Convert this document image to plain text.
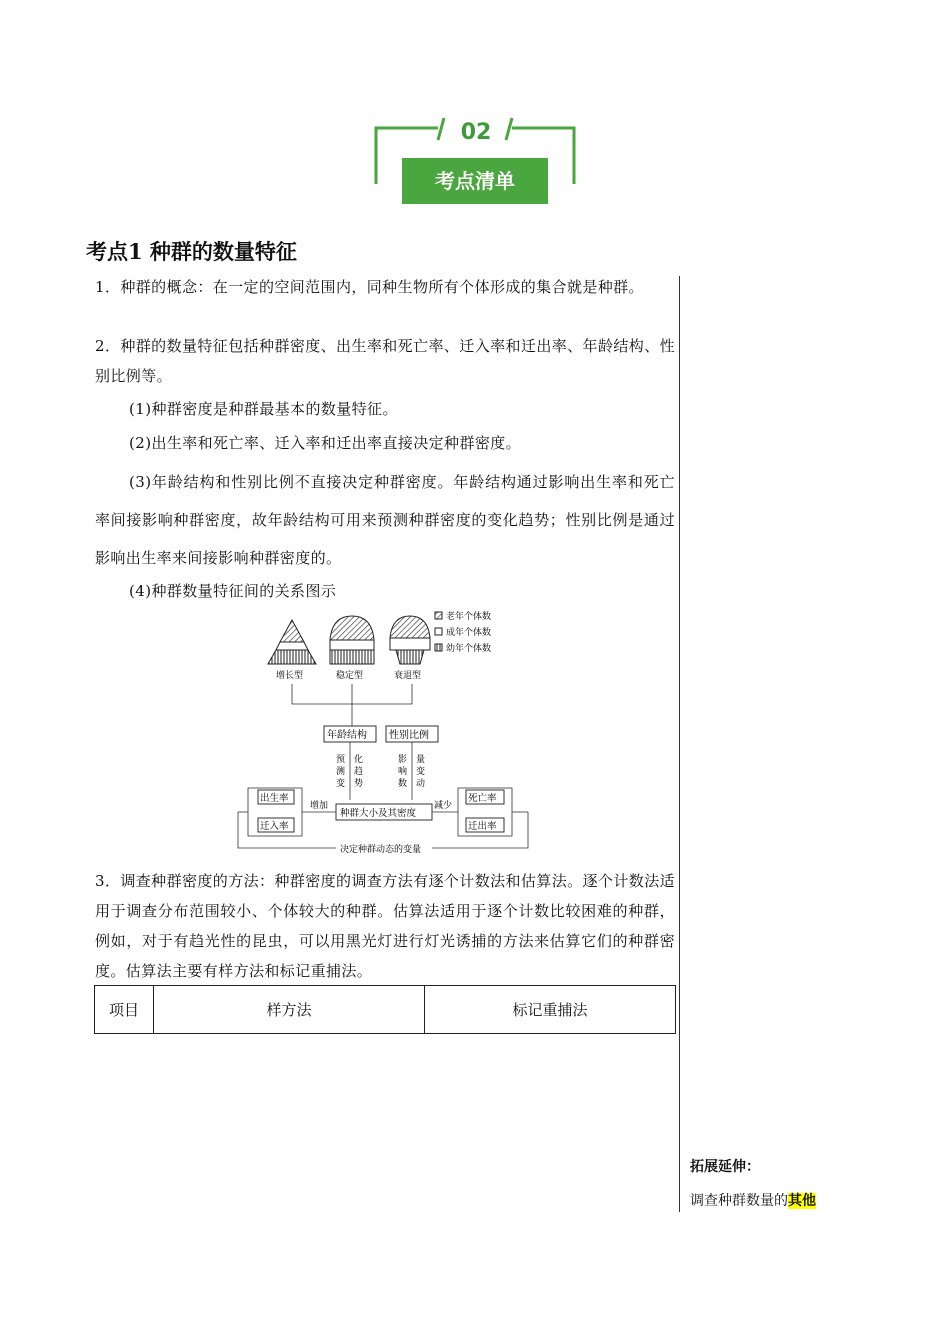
02
考点清单
考点1 种群的数量特征
1．种群的概念：在一定的空间范围内，同种生物所有个体形成的集合就是种群。
2．种群的数量特征包括种群密度、出生率和死亡率、迁入率和迁出率、年龄结构、性别比例等。
(1)种群密度是种群最基本的数量特征。
(2)出生率和死亡率、迁入率和迁出率直接决定种群密度。
(3)年龄结构和性别比例不直接决定种群密度。年龄结构通过影响出生率和死亡率间接影响种群密度，故年龄结构可用来预测种群密度的变化趋势；性别比例是通过影响出生率来间接影响种群密度的。
(4)种群数量特征间的关系图示
老年个体数
成年个体数
幼年个体数
增长型	稳定型	衰退型
年龄结构 性别比例
预
测
变
化
趋
势
影
响
数
量
变
动
种群大小及其密度
出生率
迁入率
增加
死亡率
迁出率
减少
决定种群动态的变量
3．调查种群密度的方法：种群密度的调查方法有逐个计数法和估算法。逐个计数法适用于调查分布范围较小、个体较大的种群。估算法适用于逐个计数比较困难的种群，例如，对于有趋光性的昆虫，可以用黑光灯进行灯光诱捕的方法来估算它们的种群密度。估算法主要有样方法和标记重捕法。
项目	样方法	标记重捕法
拓展延伸：
调查种群数量的其他
